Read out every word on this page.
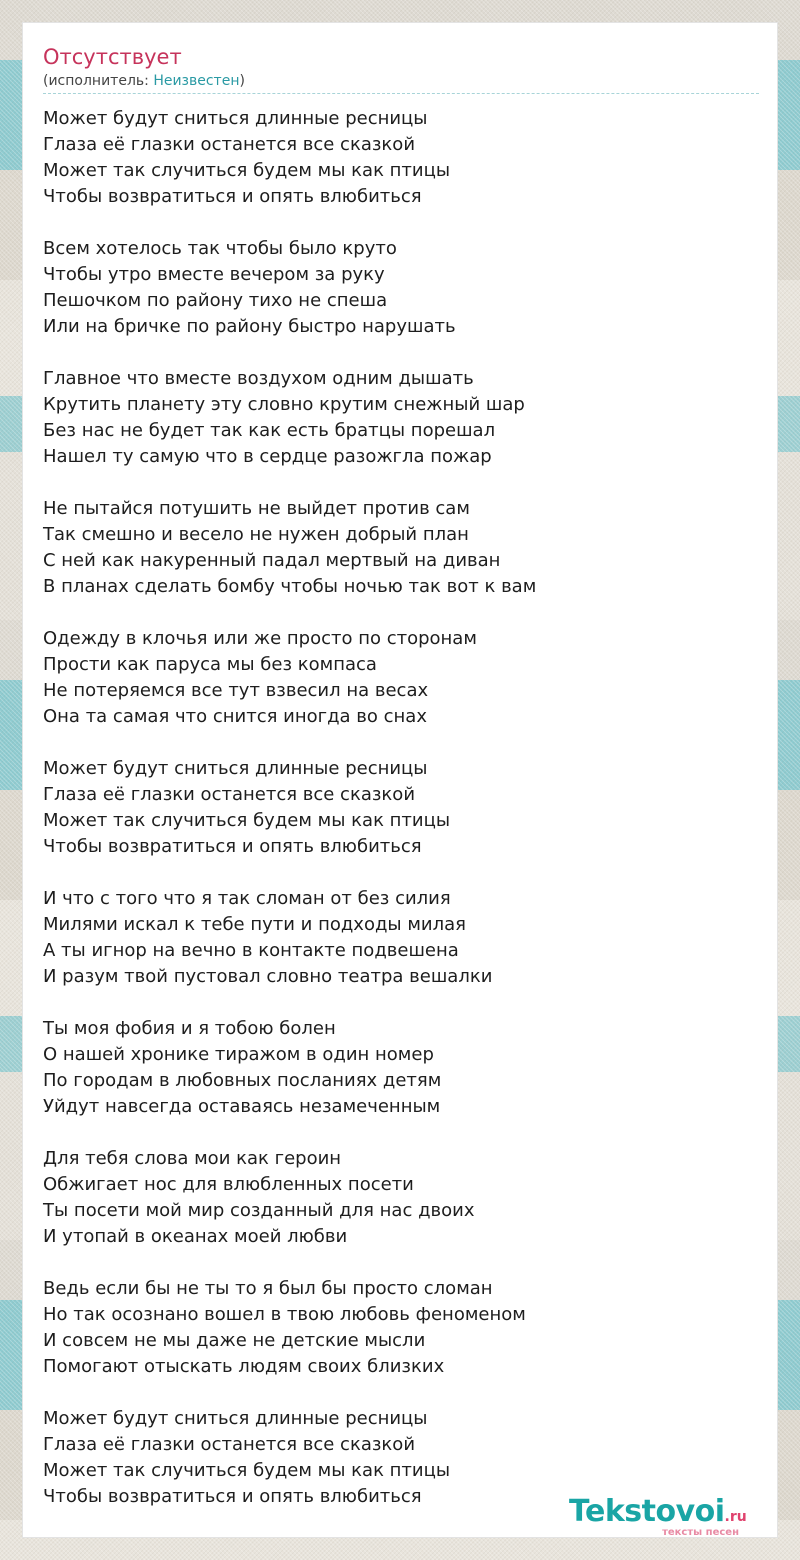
Отсутствует
(исполнитель: Неизвестен)
Может будут сниться длинные ресницы
Глаза её глазки останется все сказкой
Может так случиться будем мы как птицы
Чтобы возвратиться и опять влюбиться
Всем хотелось так чтобы было круто
Чтобы утро вместе вечером за руку
Пешочком по району тихо не спеша
Или на бричке по району быстро нарушать
Главное что вместе воздухом одним дышать
Крутить планету эту словно крутим снежный шар
Без нас не будет так как есть братцы порешал
Нашел ту самую что в сердце разожгла пожар
Не пытайся потушить не выйдет против сам
Так смешно и весело не нужен добрый план
С ней как накуренный падал мертвый на диван
В планах сделать бомбу чтобы ночью так вот к вам
Одежду в клочья или же просто по сторонам
Прости как паруса мы без компаса
Не потеряемся все тут взвесил на весах
Она та самая что снится иногда во снах
Может будут сниться длинные ресницы
Глаза её глазки останется все сказкой
Может так случиться будем мы как птицы
Чтобы возвратиться и опять влюбиться
И что с того что я так сломан от без силия
Милями искал к тебе пути и подходы милая
А ты игнор на вечно в контакте подвешена
И разум твой пустовал словно театра вешалки
Ты моя фобия и я тобою болен
О нашей хронике тиражом в один номер
По городам в любовных посланиях детям
Уйдут навсегда оставаясь незамеченным
Для тебя слова мои как героин
Обжигает нос для влюбленных посети
Ты посети мой мир созданный для нас двоих
И утопай в океанах моей любви
Ведь если бы не ты то я был бы просто сломан
Но так осознано вошел в твою любовь феноменом
И совсем не мы даже не детские мысли
Помогают отыскать людям своих близких
Может будут сниться длинные ресницы
Глаза её глазки останется все сказкой
Может так случиться будем мы как птицы
Чтобы возвратиться и опять влюбиться	Tekstovoi.ru
тексты песен
